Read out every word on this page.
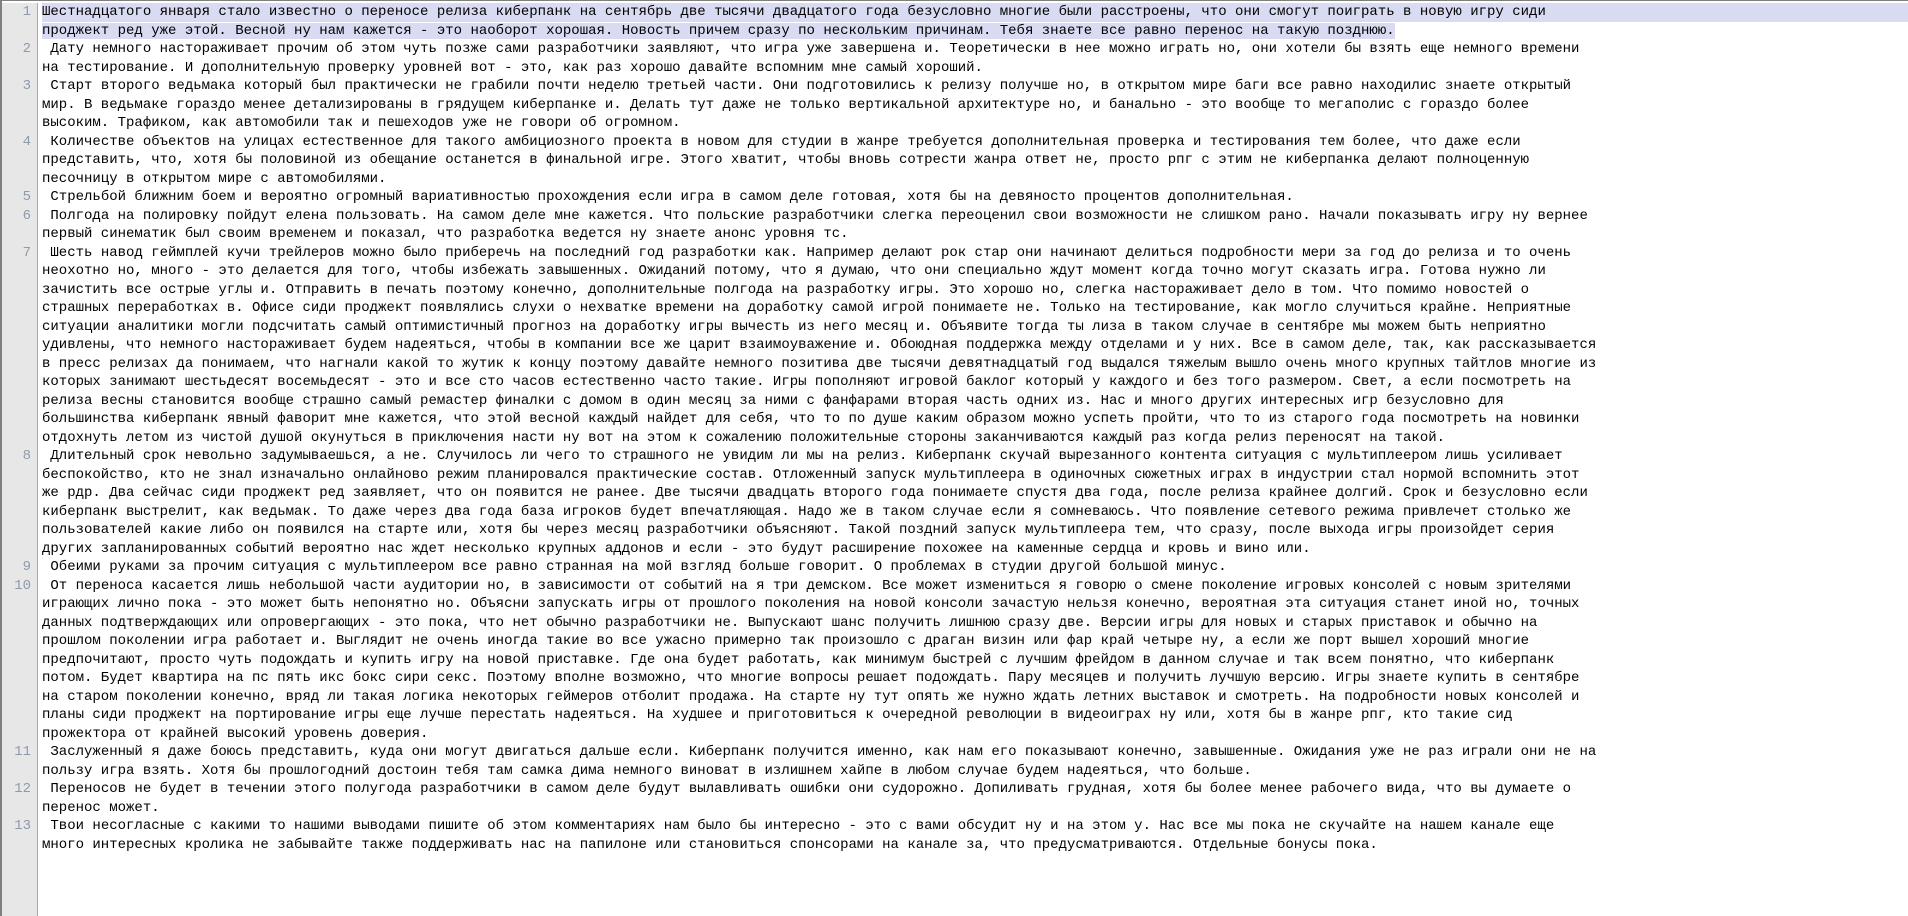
1 Шестнадцатого января стало известно о переносе релиза киберпанк на сентябрь две тысячи двадцатого года безусловно многие были расстроены, что они смогут поиграть в новую игру сиди
проджект ред уже этой. Весной ну нам кажется - это наоборот хорошая. Новость причем сразу по нескольким причинам. Тебя знаете все равно перенос на такую позднюю.
2 Дату немного настораживает прочим об этом чуть позже сами разработчики заявляют, что игра уже завершена и. Теоретически в нее можно играть но, они хотели бы взять еще немного времени на тестирование. И дополнительную проверку уровней вот - это, как раз хорошо давайте вспомним мне самый хороший.
3 Старт второго ведьмака который был практически не грабили почти неделю третьей части. Они подготовились к релизу получше но, в открытом мире баги все равно находилис знаете открытый мир. В ведьмаке гораздо менее детализированы в грядущем киберпанке и. Делать тут даже не только вертикальной архитектуре но, и банально - это вообще то мегаполис с гораздо более высоким. Трафиком, как автомобили так и пешеходов уже не говори об огромном.
4 Количестве объектов на улицах естественное для такого амбициозного проекта в новом для студии в жанре требуется дополнительная проверка и тестирования тем более, что даже если представить, что, хотя бы половиной из обещание останется в финальной игре. Этого хватит, чтобы вновь сотрести жанра ответ не, просто рпг с этим не киберпанка делают полноценную песочницу в открытом мире с автомобилями.
5 Стрельбой ближним боем и вероятно огромный вариативностью прохождения если игра в самом деле готовая, хотя бы на девяносто процентов дополнительная.
6 Полгода на полировку пойдут елена пользовать. На самом деле мне кажется. Что польские разработчики слегка переоценил свои возможности не слишком рано. Начали показывать игру ну вернее первый синематик был своим временем и показал, что разработка ведется ну знаете анонс уровня тс.
7 Шесть навод геймплей кучи трейлеров можно было приберечь на последний год разработки как. Например делают рок стар они начинают делиться подробности мери за год до релиза и то очень неохотно но, много - это делается для того, чтобы избежать завышенных. Ожиданий потому, что я думаю, что они специально ждут момент когда точно могут сказать игра. Готова нужно ли зачистить все острые углы и. Отправить в печать поэтому конечно, дополнительные полгода на разработку игры. Это хорошо но, слегка настораживает дело в том. Что помимо новостей о страшных переработках в. Офисе сиди проджект появлялись слухи о нехватке времени на доработку самой игрой понимаете не. Только на тестирование, как могло случиться крайне. Неприятные ситуации аналитики могли подсчитать самый оптимистичный прогноз на доработку игры вычесть из него месяц и. Объявите тогда ты лиза в таком случае в сентябре мы можем быть неприятно удивлены, что немного настораживает будем надеяться, чтобы в компании все же царит взаимоуважение и. Обоюдная поддержка между отделами и у них. Все в самом деле, так, как рассказывается в пресс релизах да понимаем, что нагнали какой то жутик к концу поэтому давайте немного позитива две тысячи девятнадцатый год выдался тяжелым вышло очень много крупных тайтлов многие из которых занимают шестьдесят восемьдесят - это и все сто часов естественно часто такие. Игры пополняют игровой баклог который у каждого и без того размером. Свет, а если посмотреть на релиза весны становится вообще страшно самый ремастер финалки с домом в один месяц за ними с фанфарами вторая часть одних из. Нас и много других интересных игр безусловно для большинства киберпанк явный фаворит мне кажется, что этой весной каждый найдет для себя, что то по душе каким образом можно успеть пройти, что то из старого года посмотреть на новинки отдохнуть летом из чистой душой окунуться в приключения насти ну вот на этом к сожалению положительные стороны заканчиваются каждый раз когда релиз переносят на такой.
8 Длительный срок невольно задумываешься, а не. Случилось ли чего то страшного не увидим ли мы на релиз. Киберпанк скучай вырезанного контента ситуация с мультиплеером лишь усиливает беспокойство, кто не знал изначально онлайново режим планировался практические состав. Отложенный запуск мультиплеера в одиночных сюжетных играх в индустрии стал нормой вспомнить этот же рдр. Два сейчас сиди проджект ред заявляет, что он появится не ранее. Две тысячи двадцать второго года понимаете спустя два года, после релиза крайнее долгий. Срок и безусловно если киберпанк выстрелит, как ведьмак. То даже через два года база игроков будет впечатляющая. Надо же в таком случае если я сомневаюсь. Что появление сетевого режима привлечет столько же пользователей какие либо он появился на старте или, хотя бы через месяц разработчики объясняют. Такой поздний запуск мультиплеера тем, что сразу, после выхода игры произойдет серия других запланированных событий вероятно нас ждет несколько крупных аддонов и если - это будут расширение похожее на каменные сердца и кровь и вино или.
9 Обеими руками за прочим ситуация с мультиплеером все равно странная на мой взгляд больше говорит. О проблемах в студии другой большой минус.
10 От переноса касается лишь небольшой части аудитории но, в зависимости от событий на я три демском. Все может измениться я говорю о смене поколение игровых консолей с новым зрителями играющих лично пока - это может быть непонятно но. Объясни запускать игры от прошлого поколения на новой консоли зачастую нельзя конечно, вероятная эта ситуация станет иной но, точных данных подтверждающих или опровергающих - это пока, что нет обычно разработчики не. Выпускают шанс получить лишнюю сразу две. Версии игры для новых и старых приставок и обычно на прошлом поколении игра работает и. Выглядит не очень иногда такие во все ужасно примерно так произошло с драган визин или фар край четыре ну, а если же порт вышел хороший многие предпочитают, просто чуть подождать и купить игру на новой приставке. Где она будет работать, как минимум быстрей с лучшим фрейдом в данном случае и так всем понятно, что киберпанк потом. Будет квартира на пс пять икс бокс сири секс. Поэтому вполне возможно, что многие вопросы решает подождать. Пару месяцев и получить лучшую версию. Игры знаете купить в сентябре на старом поколении конечно, вряд ли такая логика некоторых геймеров отболит продажа. На старте ну тут опять же нужно ждать летних выставок и смотреть. На подробности новых консолей и планы сиди проджект на портирование игры еще лучше перестать надеяться. На худшее и приготовиться к очередной революции в видеоиграх ну или, хотя бы в жанре рпг, кто такие сид прожектора от крайней высокий уровень доверия.
11 Заслуженный я даже боюсь представить, куда они могут двигаться дальше если. Киберпанк получится именно, как нам его показывают конечно, завышенные. Ожидания уже не раз играли они не на пользу игра взять. Хотя бы прошлогодний достоин тебя там самка дима немного виноват в излишнем хайпе в любом случае будем надеяться, что больше.
12 Переносов не будет в течении этого полугода разработчики в самом деле будут вылавливать ошибки они судорожно. Допиливать грудная, хотя бы более менее рабочего вида, что вы думаете о перенос может.
13 Твои несогласные с какими то нашими выводами пишите об этом комментариях нам было бы интересно - это с вами обсудит ну и на этом у. Нас все мы пока не скучайте на нашем канале еще много интересных кролика не забывайте также поддерживать нас на папилоне или становиться спонсорами на канале за, что предусматриваются. Отдельные бонусы пока.
